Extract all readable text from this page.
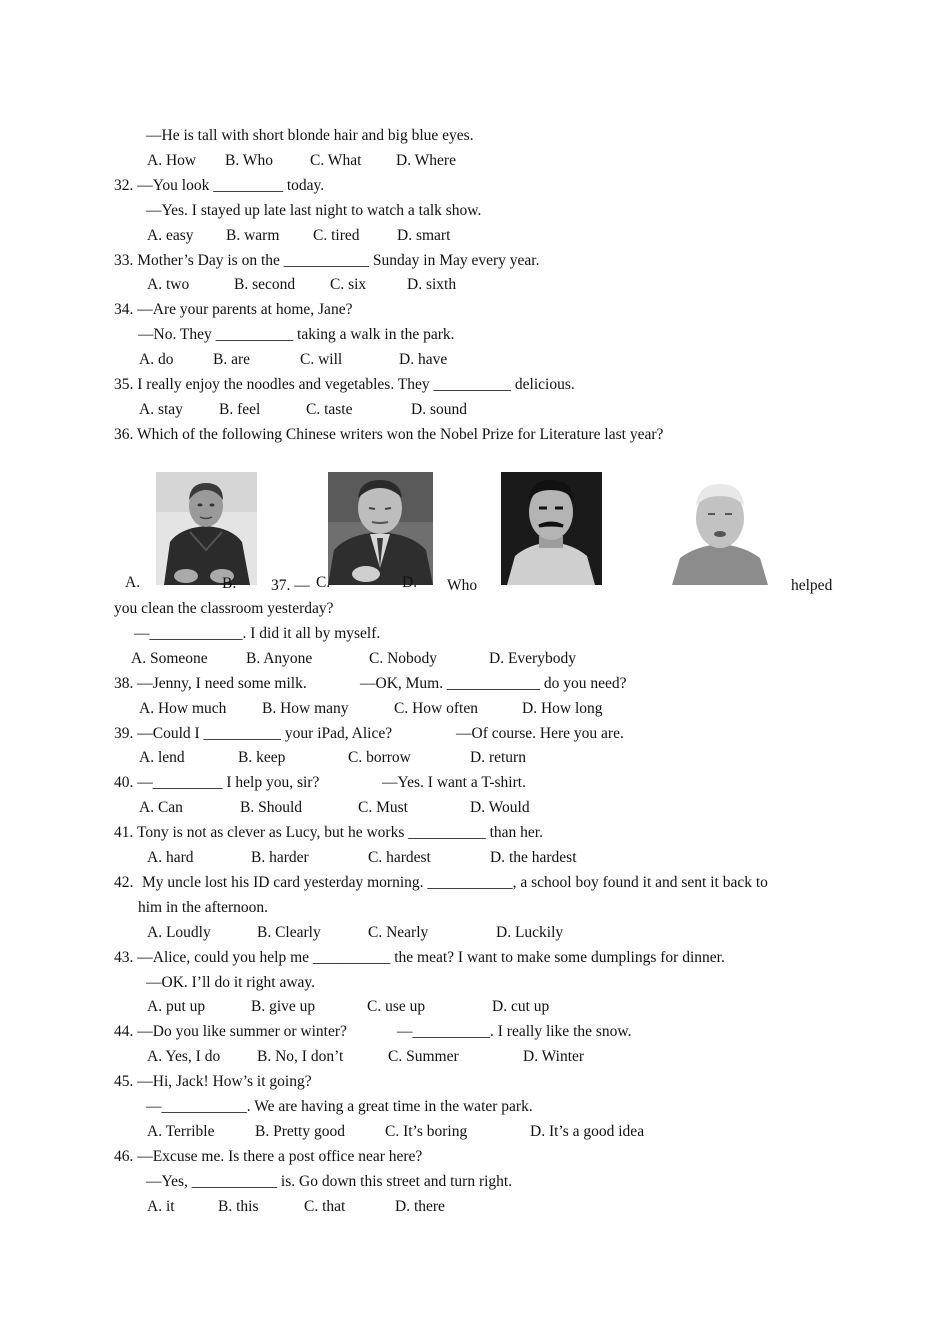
—He is tall with short blonde hair and big blue eyes.
A. How B. Who C. What D. Where
32. —You look _________ today.
—Yes. I stayed up late last night to watch a talk show.
A. easy B. warm C. tired D. smart
33. Mother’s Day is on the ___________ Sunday in May every year.
A. two	B. second C. six	D. sixth
34. —Are your parents at home, Jane?
—No. They __________ taking a walk in the park.
A. do	B. are	C. will	D. have
35. I really enjoy the noodles and vegetables. They __________ delicious.
A. stay B. feel	C. taste	D. sound
36. Which of the following Chinese writers won the Nobel Prize for Literature last year?
A.	B.	C.	D.
37. —	Who	helped
you clean the classroom yesterday?
—____________. I did it all by myself.
A. Someone B. Anyone	C. Nobody	D. Everybody
38. —Jenny, I need some milk.	—OK, Mum. ____________ do you need?
A. How much B. How many	C. How often	D. How long
39. —Could I __________ your iPad, Alice?	—Of course. Here you are.
A. lend	B. keep	C. borrow	D. return
40. —_________ I help you, sir?	—Yes. I want a T-shirt.
A. Can	B. Should	C. Must	D. Would
41. Tony is not as clever as Lucy, but he works __________ than her.
A. hard	B. harder	C. hardest	D. the hardest
42. My uncle lost his ID card yesterday morning. ___________, a school boy found it and sent it back to
him in the afternoon.
A. Loudly	B. Clearly	C. Nearly	D. Luckily
43. —Alice, could you help me __________ the meat? I want to make some dumplings for dinner.
—OK. I’ll do it right away.
A. put up	B. give up	C. use up	D. cut up
44. —Do you like summer or winter?	—__________. I really like the snow.
A. Yes, I do B. No, I don’t	C. Summer	D. Winter
45. —Hi, Jack! How’s it going?
—___________. We are having a great time in the water park.
A. Terrible	B. Pretty good	C. It’s boring	D. It’s a good idea
46. —Excuse me. Is there a post office near here?
—Yes, ___________ is. Go down this street and turn right.
A. it	B. this	C. that	D. there
